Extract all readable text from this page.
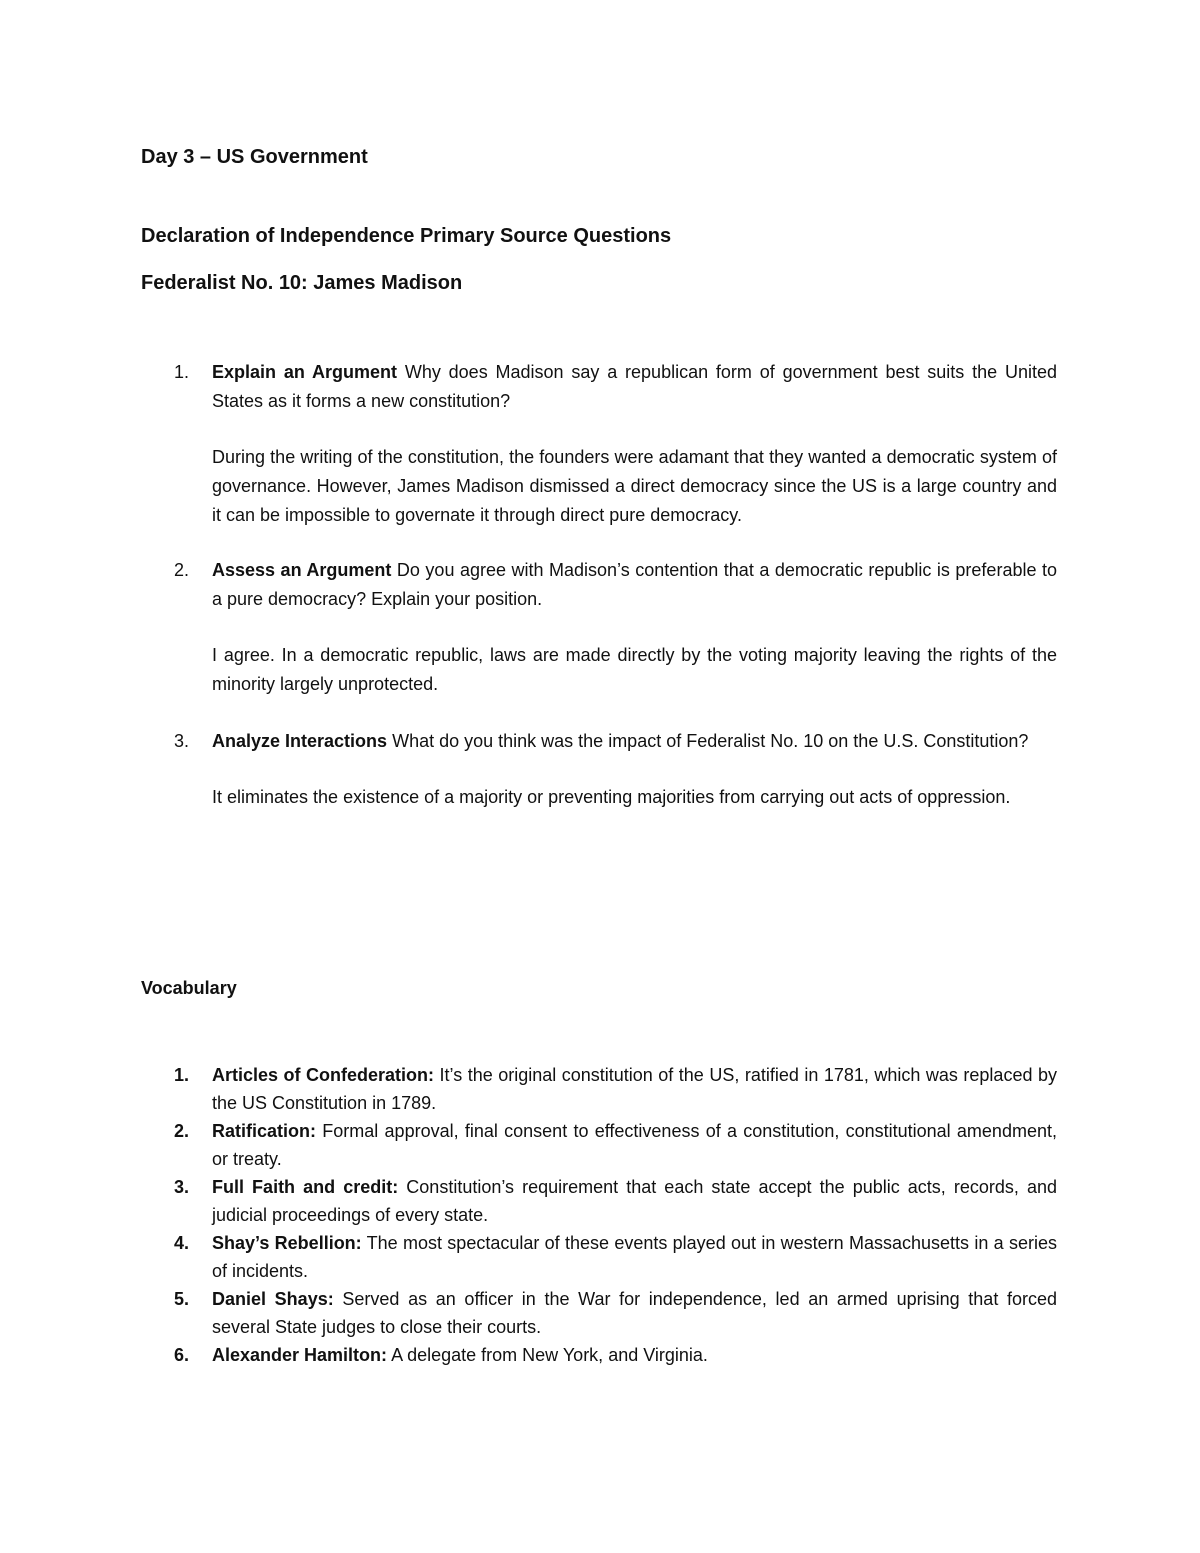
Day 3 – US Government
Declaration of Independence Primary Source Questions
Federalist No. 10: James Madison
1. Explain an Argument Why does Madison say a republican form of government best suits the United States as it forms a new constitution?
During the writing of the constitution, the founders were adamant that they wanted a democratic system of governance. However, James Madison dismissed a direct democracy since the US is a large country and it can be impossible to governate it through direct pure democracy.
2. Assess an Argument Do you agree with Madison’s contention that a democratic republic is preferable to a pure democracy? Explain your position.
I agree. In a democratic republic, laws are made directly by the voting majority leaving the rights of the minority largely unprotected.
3. Analyze Interactions What do you think was the impact of Federalist No. 10 on the U.S. Constitution?
It eliminates the existence of a majority or preventing majorities from carrying out acts of oppression.
Vocabulary
1. Articles of Confederation: It’s the original constitution of the US, ratified in 1781, which was replaced by the US Constitution in 1789.
2. Ratification: Formal approval, final consent to effectiveness of a constitution, constitutional amendment, or treaty.
3. Full Faith and credit: Constitution’s requirement that each state accept the public acts, records, and judicial proceedings of every state.
4. Shay’s Rebellion: The most spectacular of these events played out in western Massachusetts in a series of incidents.
5. Daniel Shays: Served as an officer in the War for independence, led an armed uprising that forced several State judges to close their courts.
6. Alexander Hamilton: A delegate from New York, and Virginia.
